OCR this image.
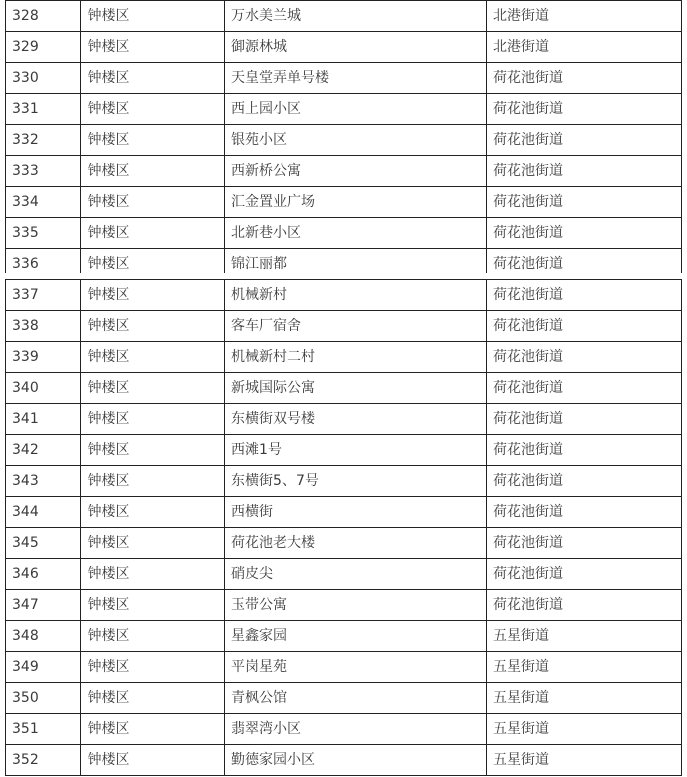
328	钟楼区	万水美兰城	北港街道
329	钟楼区	御源林城	北港街道
330	钟楼区	天皇堂弄单号楼	荷花池街道
331	钟楼区	西上园小区	荷花池街道
332	钟楼区	银苑小区	荷花池街道
333	钟楼区	西新桥公寓	荷花池街道
334	钟楼区	汇金置业广场	荷花池街道
335	钟楼区	北新巷小区	荷花池街道
336	钟楼区	锦江丽都	荷花池街道
337	钟楼区	机械新村	荷花池街道
338	钟楼区	客车厂宿舍	荷花池街道
339	钟楼区	机械新村二村	荷花池街道
340	钟楼区	新城国际公寓	荷花池街道
341	钟楼区	东横街双号楼	荷花池街道
342	钟楼区	西滩1号	荷花池街道
343	钟楼区	东横街5、7号	荷花池街道
344	钟楼区	西横街	荷花池街道
345	钟楼区	荷花池老大楼	荷花池街道
346	钟楼区	硝皮尖	荷花池街道
347	钟楼区	玉带公寓	荷花池街道
348	钟楼区	星鑫家园	五星街道
349	钟楼区	平岗星苑	五星街道
350	钟楼区	青枫公馆	五星街道
351	钟楼区	翡翠湾小区	五星街道
352	钟楼区	勤德家园小区	五星街道
